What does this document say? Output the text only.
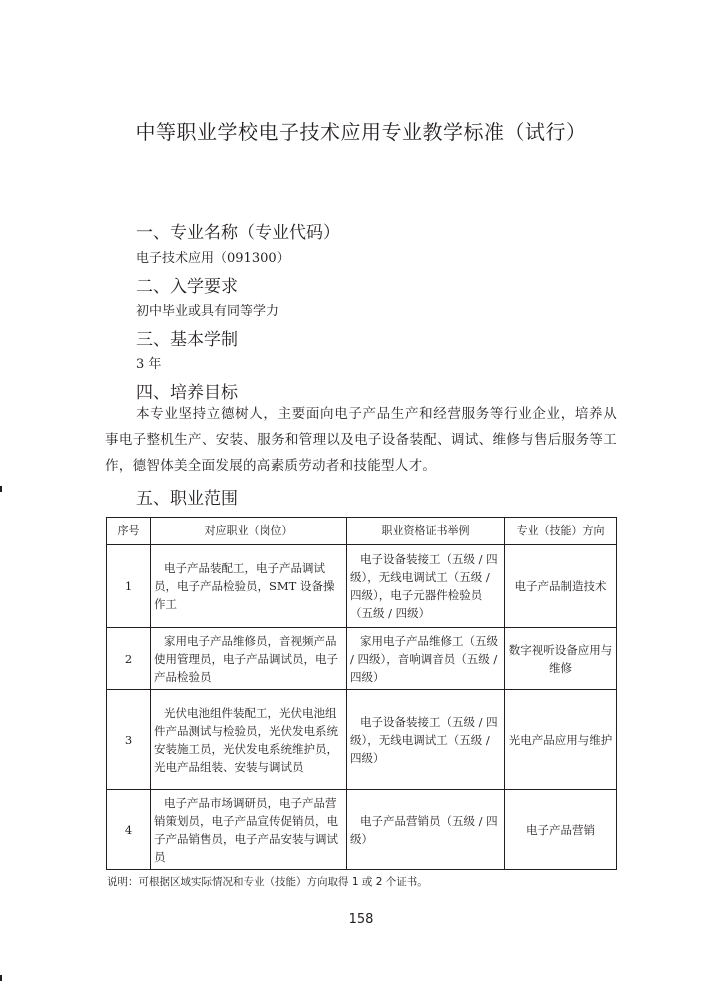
中等职业学校电子技术应用专业教学标准（试行）
一、专业名称（专业代码）
电子技术应用（091300）
二、入学要求
初中毕业或具有同等学力
三、基本学制
3 年
四、培养目标
本专业坚持立德树人，主要面向电子产品生产和经营服务等行业企业，培养从事电子整机生产、安装、服务和管理以及电子设备装配、调试、维修与售后服务等工作，德智体美全面发展的高素质劳动者和技能型人才。
五、职业范围
序号	对应职业（岗位）	职业资格证书举例	专业（技能）方向
1	电子产品装配工，电子产品调试员，电子产品检验员，SMT 设备操作工	电子设备装接工（五级 / 四级），无线电调试工（五级 / 四级），电子元器件检验员（五级 / 四级）	电子产品制造技术
2	家用电子产品维修员，音视频产品使用管理员，电子产品调试员，电子产品检验员	家用电子产品维修工（五级 / 四级），音响调音员（五级 / 四级）	数字视听设备应用与维修
3	光伏电池组件装配工，光伏电池组件产品测试与检验员，光伏发电系统安装施工员，光伏发电系统维护员，光电产品组装、安装与调试员	电子设备装接工（五级 / 四级），无线电调试工（五级 / 四级）	光电产品应用与维护
4	电子产品市场调研员，电子产品营销策划员，电子产品宣传促销员，电子产品销售员，电子产品安装与调试员	电子产品营销员（五级 / 四级）	电子产品营销
说明：可根据区域实际情况和专业（技能）方向取得 1 或 2 个证书。
158
